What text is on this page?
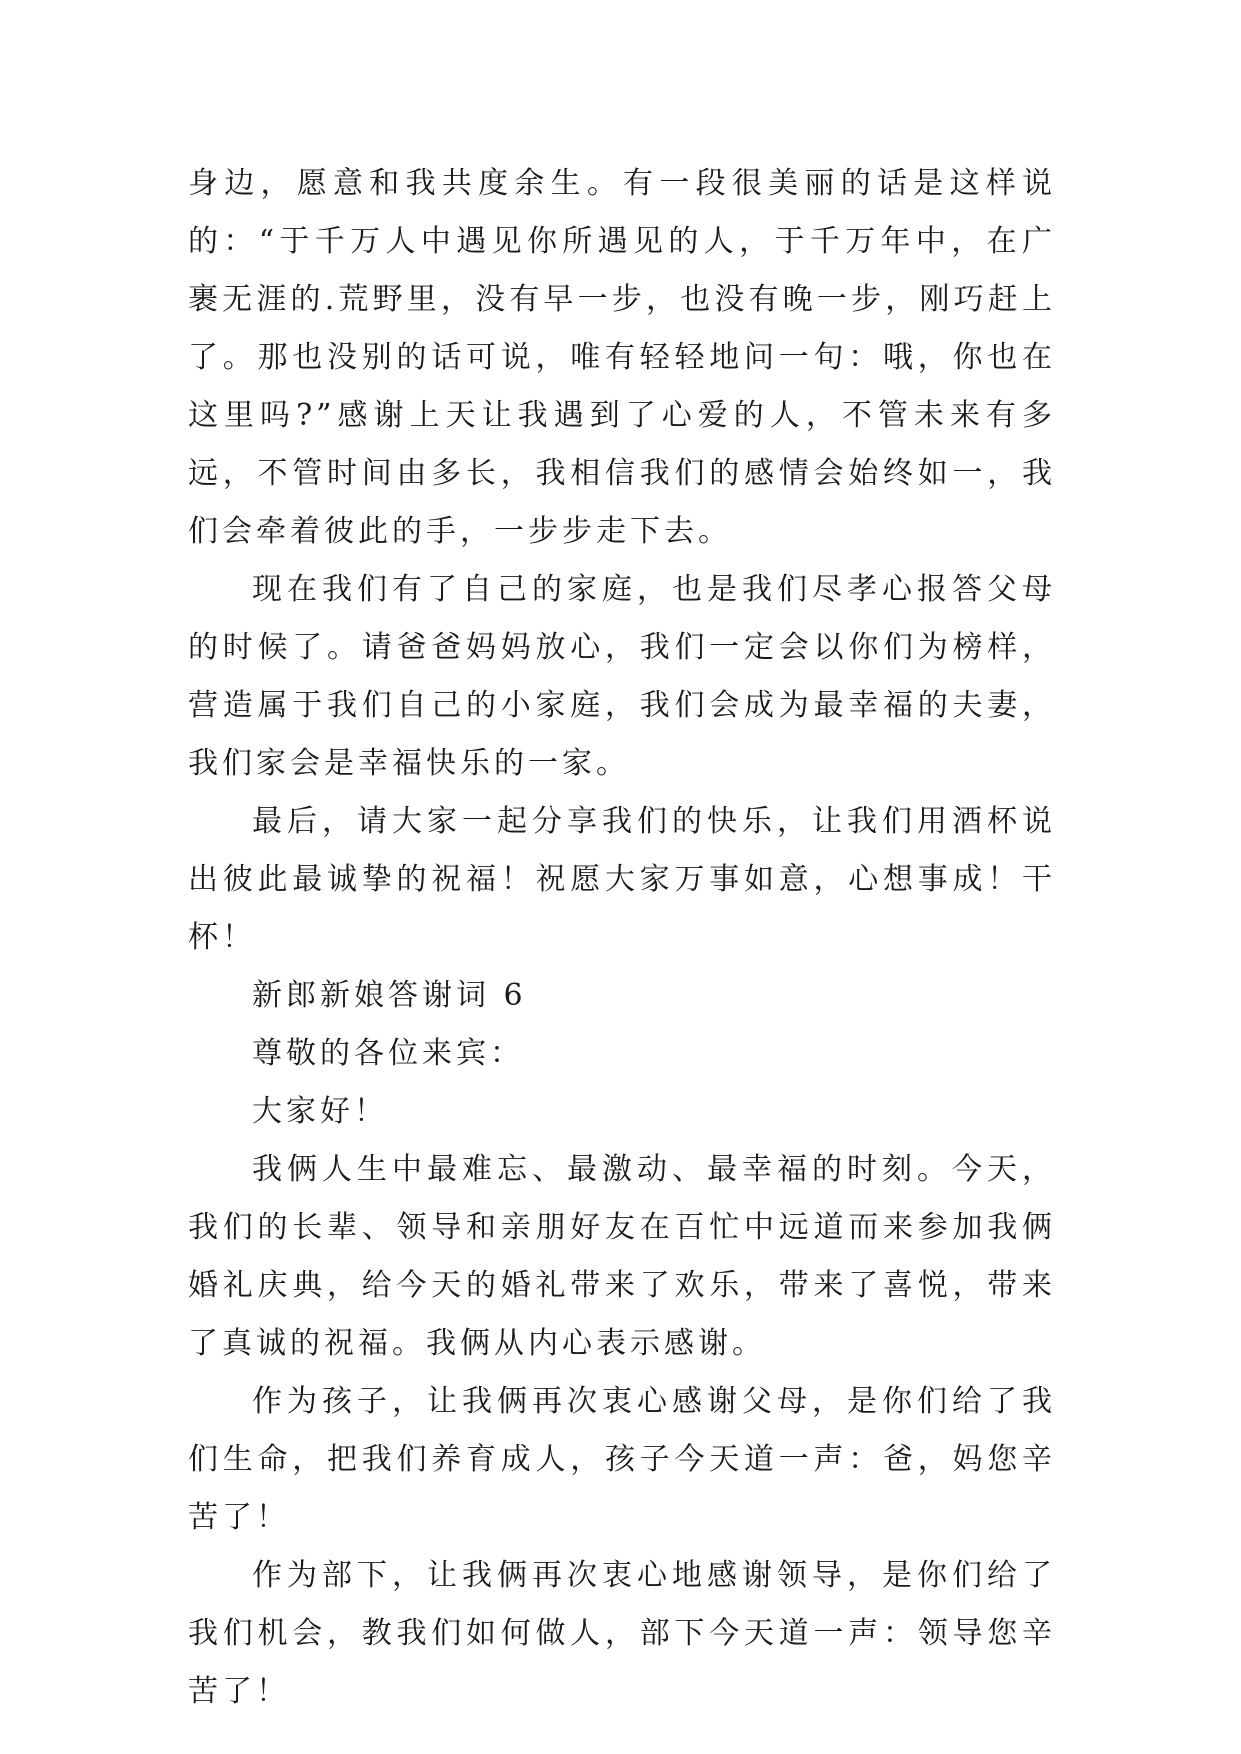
身边，愿意和我共度余生。有一段很美丽的话是这样说的：“于千万人中遇见你所遇见的人，于千万年中，在广裹无涯的.荒野里，没有早一步，也没有晚一步，刚巧赶上了。那也没别的话可说，唯有轻轻地问一句：哦，你也在这里吗?”感谢上天让我遇到了心爱的人，不管未来有多远，不管时间由多长，我相信我们的感情会始终如一，我们会牵着彼此的手，一步步走下去。

现在我们有了自己的家庭，也是我们尽孝心报答父母的时候了。请爸爸妈妈放心，我们一定会以你们为榜样，营造属于我们自己的小家庭，我们会成为最幸福的夫妻，我们家会是幸福快乐的一家。

最后，请大家一起分享我们的快乐，让我们用酒杯说出彼此最诚挚的祝福！祝愿大家万事如意，心想事成！干杯！

新郎新娘答谢词 6

尊敬的各位来宾：

大家好！

我俩人生中最难忘、最激动、最幸福的时刻。今天，我们的长辈、领导和亲朋好友在百忙中远道而来参加我俩婚礼庆典，给今天的婚礼带来了欢乐，带来了喜悦，带来了真诚的祝福。我俩从内心表示感谢。

作为孩子，让我俩再次衷心感谢父母，是你们给了我们生命，把我们养育成人，孩子今天道一声：爸，妈您辛苦了！

作为部下，让我俩再次衷心地感谢领导，是你们给了我们机会，教我们如何做人，部下今天道一声：领导您辛苦了！
